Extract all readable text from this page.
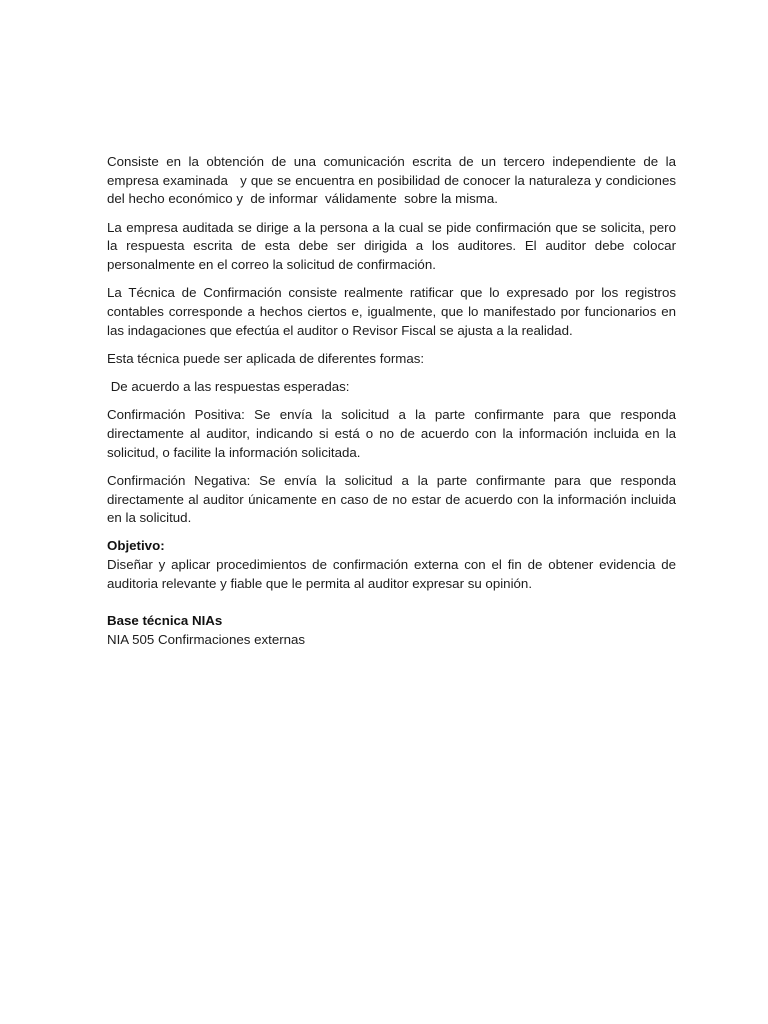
Consiste en la obtención de una comunicación escrita de un tercero independiente de la empresa examinada   y que se encuentra en posibilidad de conocer la naturaleza y condiciones del hecho económico y  de informar  válidamente  sobre la misma.

La empresa auditada se dirige a la persona a la cual se pide confirmación que se solicita, pero la respuesta escrita de esta debe ser dirigida a los auditores. El auditor debe colocar personalmente en el correo la solicitud de confirmación.

La Técnica de Confirmación consiste realmente ratificar que lo expresado por los registros contables corresponde a hechos ciertos e, igualmente, que lo manifestado por funcionarios en las indagaciones que efectúa el auditor o Revisor Fiscal se ajusta a la realidad.

Esta técnica puede ser aplicada de diferentes formas:

De acuerdo a las respuestas esperadas:

Confirmación Positiva: Se envía la solicitud a la parte confirmante para que responda directamente al auditor, indicando si está o no de acuerdo con la información incluida en la solicitud, o facilite la información solicitada.

Confirmación Negativa: Se envía la solicitud a la parte confirmante para que responda directamente al auditor únicamente en caso de no estar de acuerdo con la información incluida en la solicitud.

Objetivo:

Diseñar y aplicar procedimientos de confirmación externa con el fin de obtener evidencia de auditoria relevante y fiable que le permita al auditor expresar su opinión.

Base técnica NIAs

NIA 505 Confirmaciones externas
